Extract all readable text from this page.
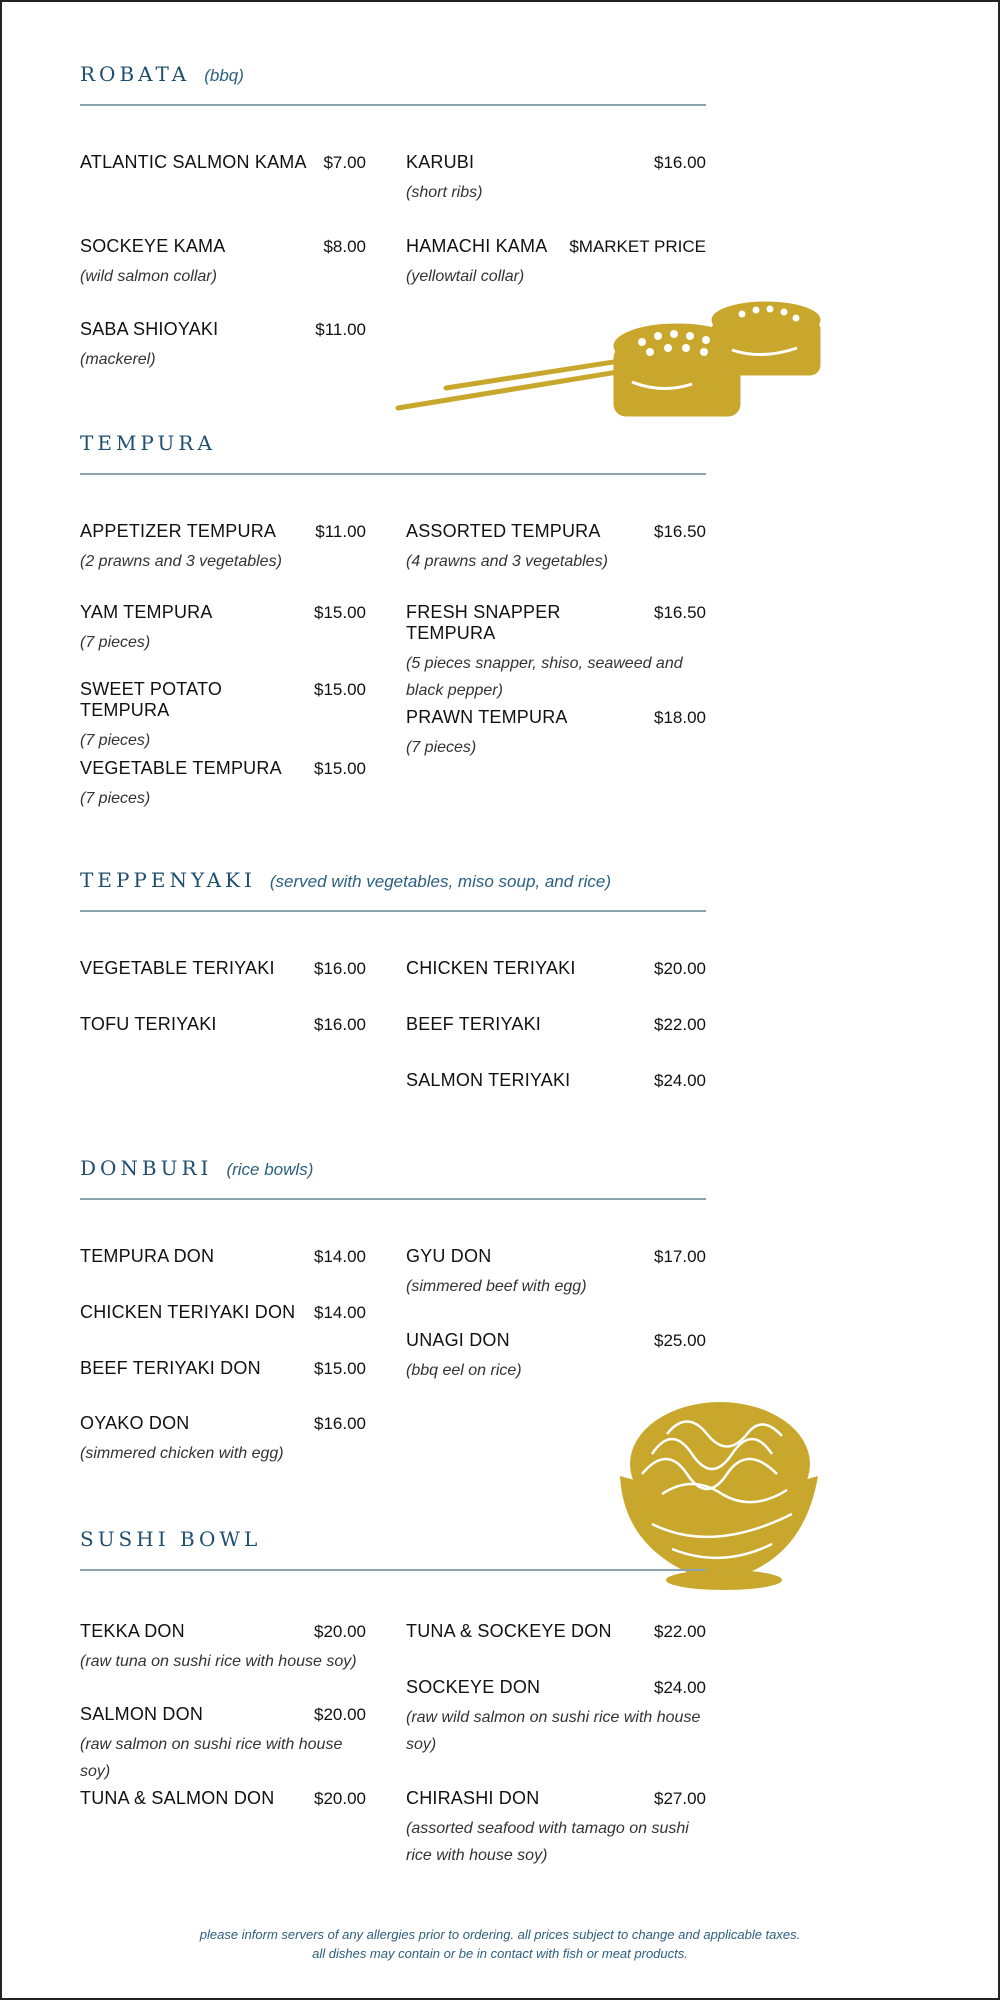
ROBATA (bbq)
ATLANTIC SALMON KAMA $7.00
SOCKEYE KAMA	$8.00
(wild salmon collar)
SABA SHIOYAKI	$11.00
(mackerel)
KARUBI	$16.00
(short ribs)
HAMACHI KAMA $MARKET PRICE
(yellowtail collar)
TEMPURA
APPETIZER TEMPURA $11.00
(2 prawns and 3 vegetables)
YAM TEMPURA	$15.00
(7 pieces)
SWEET POTATO TEMPURA
$15.00
(7 pieces)
VEGETABLE TEMPURA $15.00
(7 pieces)
ASSORTED TEMPURA	$16.50
(4 prawns and 3 vegetables)
FRESH SNAPPER TEMPURA
$16.50
(5 pieces snapper, shiso, seaweed and black pepper)
PRAWN TEMPURA	$18.00
(7 pieces)
TEPPENYAKI (served with vegetables, miso soup, and rice)
VEGETABLE TERIYAKI $16.00
TOFU TERIYAKI	$16.00
CHICKEN TERIYAKI	$20.00
BEEF TERIYAKI	$22.00
SALMON TERIYAKI	$24.00
DONBURI (rice bowls)
TEMPURA DON	$14.00
CHICKEN TERIYAKI DON $14.00
BEEF TERIYAKI DON	$15.00
OYAKO DON	$16.00
(simmered chicken with egg)
GYU DON	$17.00
(simmered beef with egg)
UNAGI DON	$25.00
(bbq eel on rice)
SUSHI BOWL
TEKKA DON	$20.00
(raw tuna on sushi rice with house soy)
SALMON DON	$20.00
(raw salmon on sushi rice with house soy)
TUNA & SALMON DON $20.00
TUNA & SOCKEYE DON $22.00
SOCKEYE DON	$24.00
(raw wild salmon on sushi rice with house soy)
CHIRASHI DON	$27.00
(assorted seafood with tamago on sushi rice with house soy)
please inform servers of any allergies prior to ordering. all prices subject to change and applicable taxes.
all dishes may contain or be in contact with fish or meat products.
